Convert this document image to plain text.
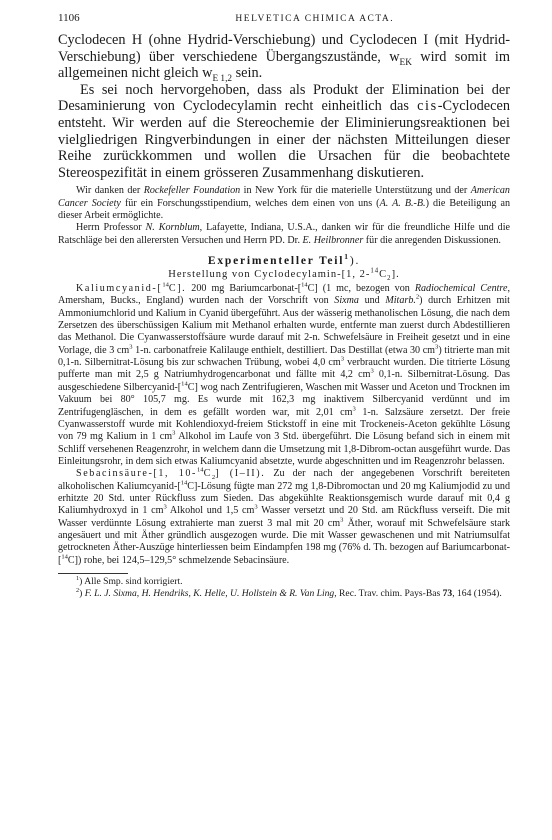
1106	HELVETICA CHIMICA ACTA.

Cyclodecen H (ohne Hydrid-Verschiebung) und Cyclodecen I (mit Hydrid-Verschiebung) über verschiedene Übergangszustände, $w_{EK}$ wird somit im allgemeinen nicht gleich $w_{E 1,2}$ sein.

Es sei noch hervorgehoben, dass als Produkt der Elimination bei der Desaminierung von Cyclodecylamin recht einheitlich das cis-Cyclodecen entsteht. Wir werden auf die Stereochemie der Eliminierungsreaktionen bei vielgliedrigen Ringverbindungen in einer der nächsten Mitteilungen dieser Reihe zurückkommen und wollen die Ursachen für die beobachtete Stereospezifität in einem grösseren Zusammenhang diskutieren.

Wir danken der Rockefeller Foundation in New York für die materielle Unterstützung und der American Cancer Society für ein Forschungsstipendium, welches dem einen von uns (A. A. B.-B.) die Beteiligung an dieser Arbeit ermöglichte.

Herrn Professor N. Kornblum, Lafayette, Indiana, U.S.A., danken wir für die freundliche Hilfe und die Ratschläge bei den allerersten Versuchen und Herrn PD. Dr. E. Heilbronner für die anregenden Diskussionen.

Experimenteller Teil$^1$).
Herstellung von Cyclodecylamin-[1, $2-^{14}C_2$].

Kaliumcyanid-[$^{14}$C]. 200 mg Bariumcarbonat-[$^{14}$C] (1 mc, bezogen von Radiochemical Centre, Amersham, Bucks., England) wurden nach der Vorschrift von Sixma und Mitarb.$^2$) durch Erhitzen mit Ammoniumchlorid und Kalium in Cyanid übergeführt. Aus der wässerig methanolischen Lösung, die nach dem Zersetzen des überschüssigen Kalium mit Methanol erhalten wurde, entfernte man zuerst durch Abdestillieren das Methanol. Die Cyanwasserstoffsäure wurde darauf mit 2-n. Schwefelsäure in Freiheit gesetzt und in eine Vorlage, die 3 $cm^3$ 1-n. carbonatfreie Kalilauge enthielt, destilliert. Das Destillat (etwa 30 $cm^3$) titrierte man mit 0,1-n. Silbernitrat-Lösung bis zur schwachen Trübung, wobei 4,0 $cm^3$ verbraucht wurden. Die titrierte Lösung pufferte man mit 2,5 g Natriumhydrogencarbonat und fällte mit 4,2 $cm^3$ 0,1-n. Silbernitrat-Lösung. Das ausgeschiedene Silbercyanid-[$^{14}$C] wog nach Zentrifugieren, Waschen mit Wasser und Aceton und Trocknen im Vakuum bei 80° 105,7 mg. Es wurde mit 162,3 mg inaktivem Silbercyanid verdünnt und im Zentrifugengläschen, in dem es gefällt worden war, mit 2,01 $cm^3$ 1-n. Salzsäure zersetzt. Der freie Cyanwasserstoff wurde mit Kohlendioxyd-freiem Stickstoff in eine mit Trockeneis-Aceton gekühlte Lösung von 79 mg Kalium in 1 $cm^3$ Alkohol im Laufe von 3 Std. übergeführt. Die Lösung befand sich in einem mit Schliff versehenen Reagenzrohr, in welchem dann die Umsetzung mit 1,8-Dibrom-octan ausgeführt wurde. Das Einleitungsrohr, in dem sich etwas Kaliumcyanid absetzte, wurde abgeschnitten und im Reagenzrohr belassen.

Sebacinsäure-[1, $10-^{14}C_2$] (I–II). Zu der nach der angegebenen Vorschrift bereiteten alkoholischen Kaliumcyanid-[$^{14}$C]-Lösung fügte man 272 mg 1,8-Dibromoctan und 20 mg Kaliumjodid zu und erhitzte 20 Std. unter Rückfluss zum Sieden. Das abgekühlte Reaktionsgemisch wurde darauf mit 0,4 g Kaliumhydroxyd in 1 $cm^3$ Alkohol und 1,5 $cm^3$ Wasser versetzt und 20 Std. am Rückfluss verseift. Die mit Wasser verdünnte Lösung extrahierte man zuerst 3 mal mit 20 $cm^3$ Äther, worauf mit Schwefelsäure stark angesäuert und mit Äther gründlich ausgezogen wurde. Die mit Wasser gewaschenen und mit Natriumsulfat getrockneten Äther-Auszüge hinterliessen beim Eindampfen 198 mg (76% d. Th. bezogen auf Bariumcarbonat-[$^{14}$C]) rohe, bei 124,5–129,5° schmelzende Sebacinsäure.

$^1$) Alle Smp. sind korrigiert.

$^2$) F. L. J. Sixma, H. Hendriks, K. Helle, U. Hollstein & R. Van Ling, Rec. Trav. chim. Pays-Bas 73, 164 (1954).
